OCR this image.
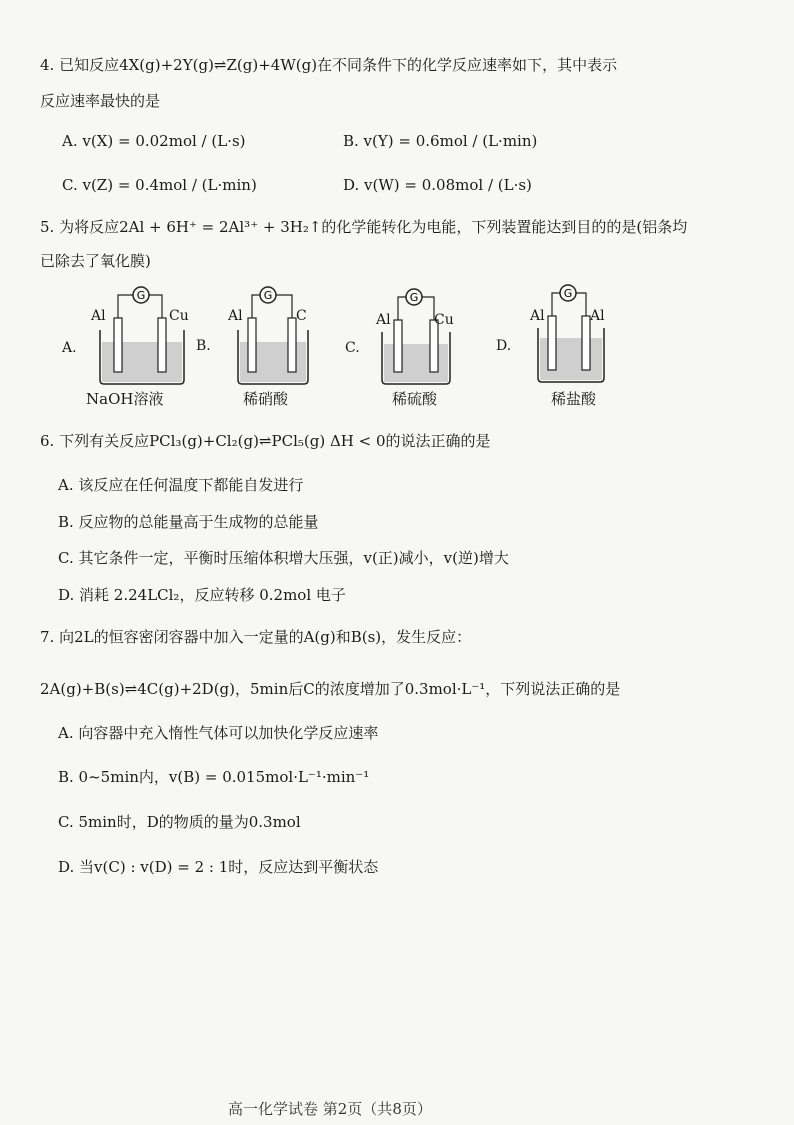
4. 已知反应4X(g)+2Y(g)⇌Z(g)+4W(g)在不同条件下的化学反应速率如下，其中表示
反应速率最快的是
A. v(X) = 0.02mol / (L·s)	B. v(Y) = 0.6mol / (L·min)
C. v(Z) = 0.4mol / (L·min)	D. v(W) = 0.08mol / (L·s)
5. 为将反应2Al + 6H⁺ = 2Al³⁺ + 3H₂↑的化学能转化为电能，下列装置能达到目的的是(铝条均
已除去了氧化膜)
A.
G
Al	Cu
NaOH溶液
B.
G
Al	C
稀硝酸
C.
G
Al	Cu
稀硫酸
D.
G
Al	Al
稀盐酸
6. 下列有关反应PCl₃(g)+Cl₂(g)⇌PCl₅(g) ΔH < 0的说法正确的是
A. 该反应在任何温度下都能自发进行
B. 反应物的总能量高于生成物的总能量
C. 其它条件一定，平衡时压缩体积增大压强，v(正)减小，v(逆)增大
D. 消耗 2.24LCl₂，反应转移 0.2mol 电子
7. 向2L的恒容密闭容器中加入一定量的A(g)和B(s)，发生反应：
2A(g)+B(s)⇌4C(g)+2D(g)，5min后C的浓度增加了0.3mol·L⁻¹，下列说法正确的是
A. 向容器中充入惰性气体可以加快化学反应速率
B. 0~5min内，v(B) = 0.015mol·L⁻¹·min⁻¹
C. 5min时，D的物质的量为0.3mol
D. 当v(C) : v(D) = 2 : 1时，反应达到平衡状态
高一化学试卷 第2页（共8页）
